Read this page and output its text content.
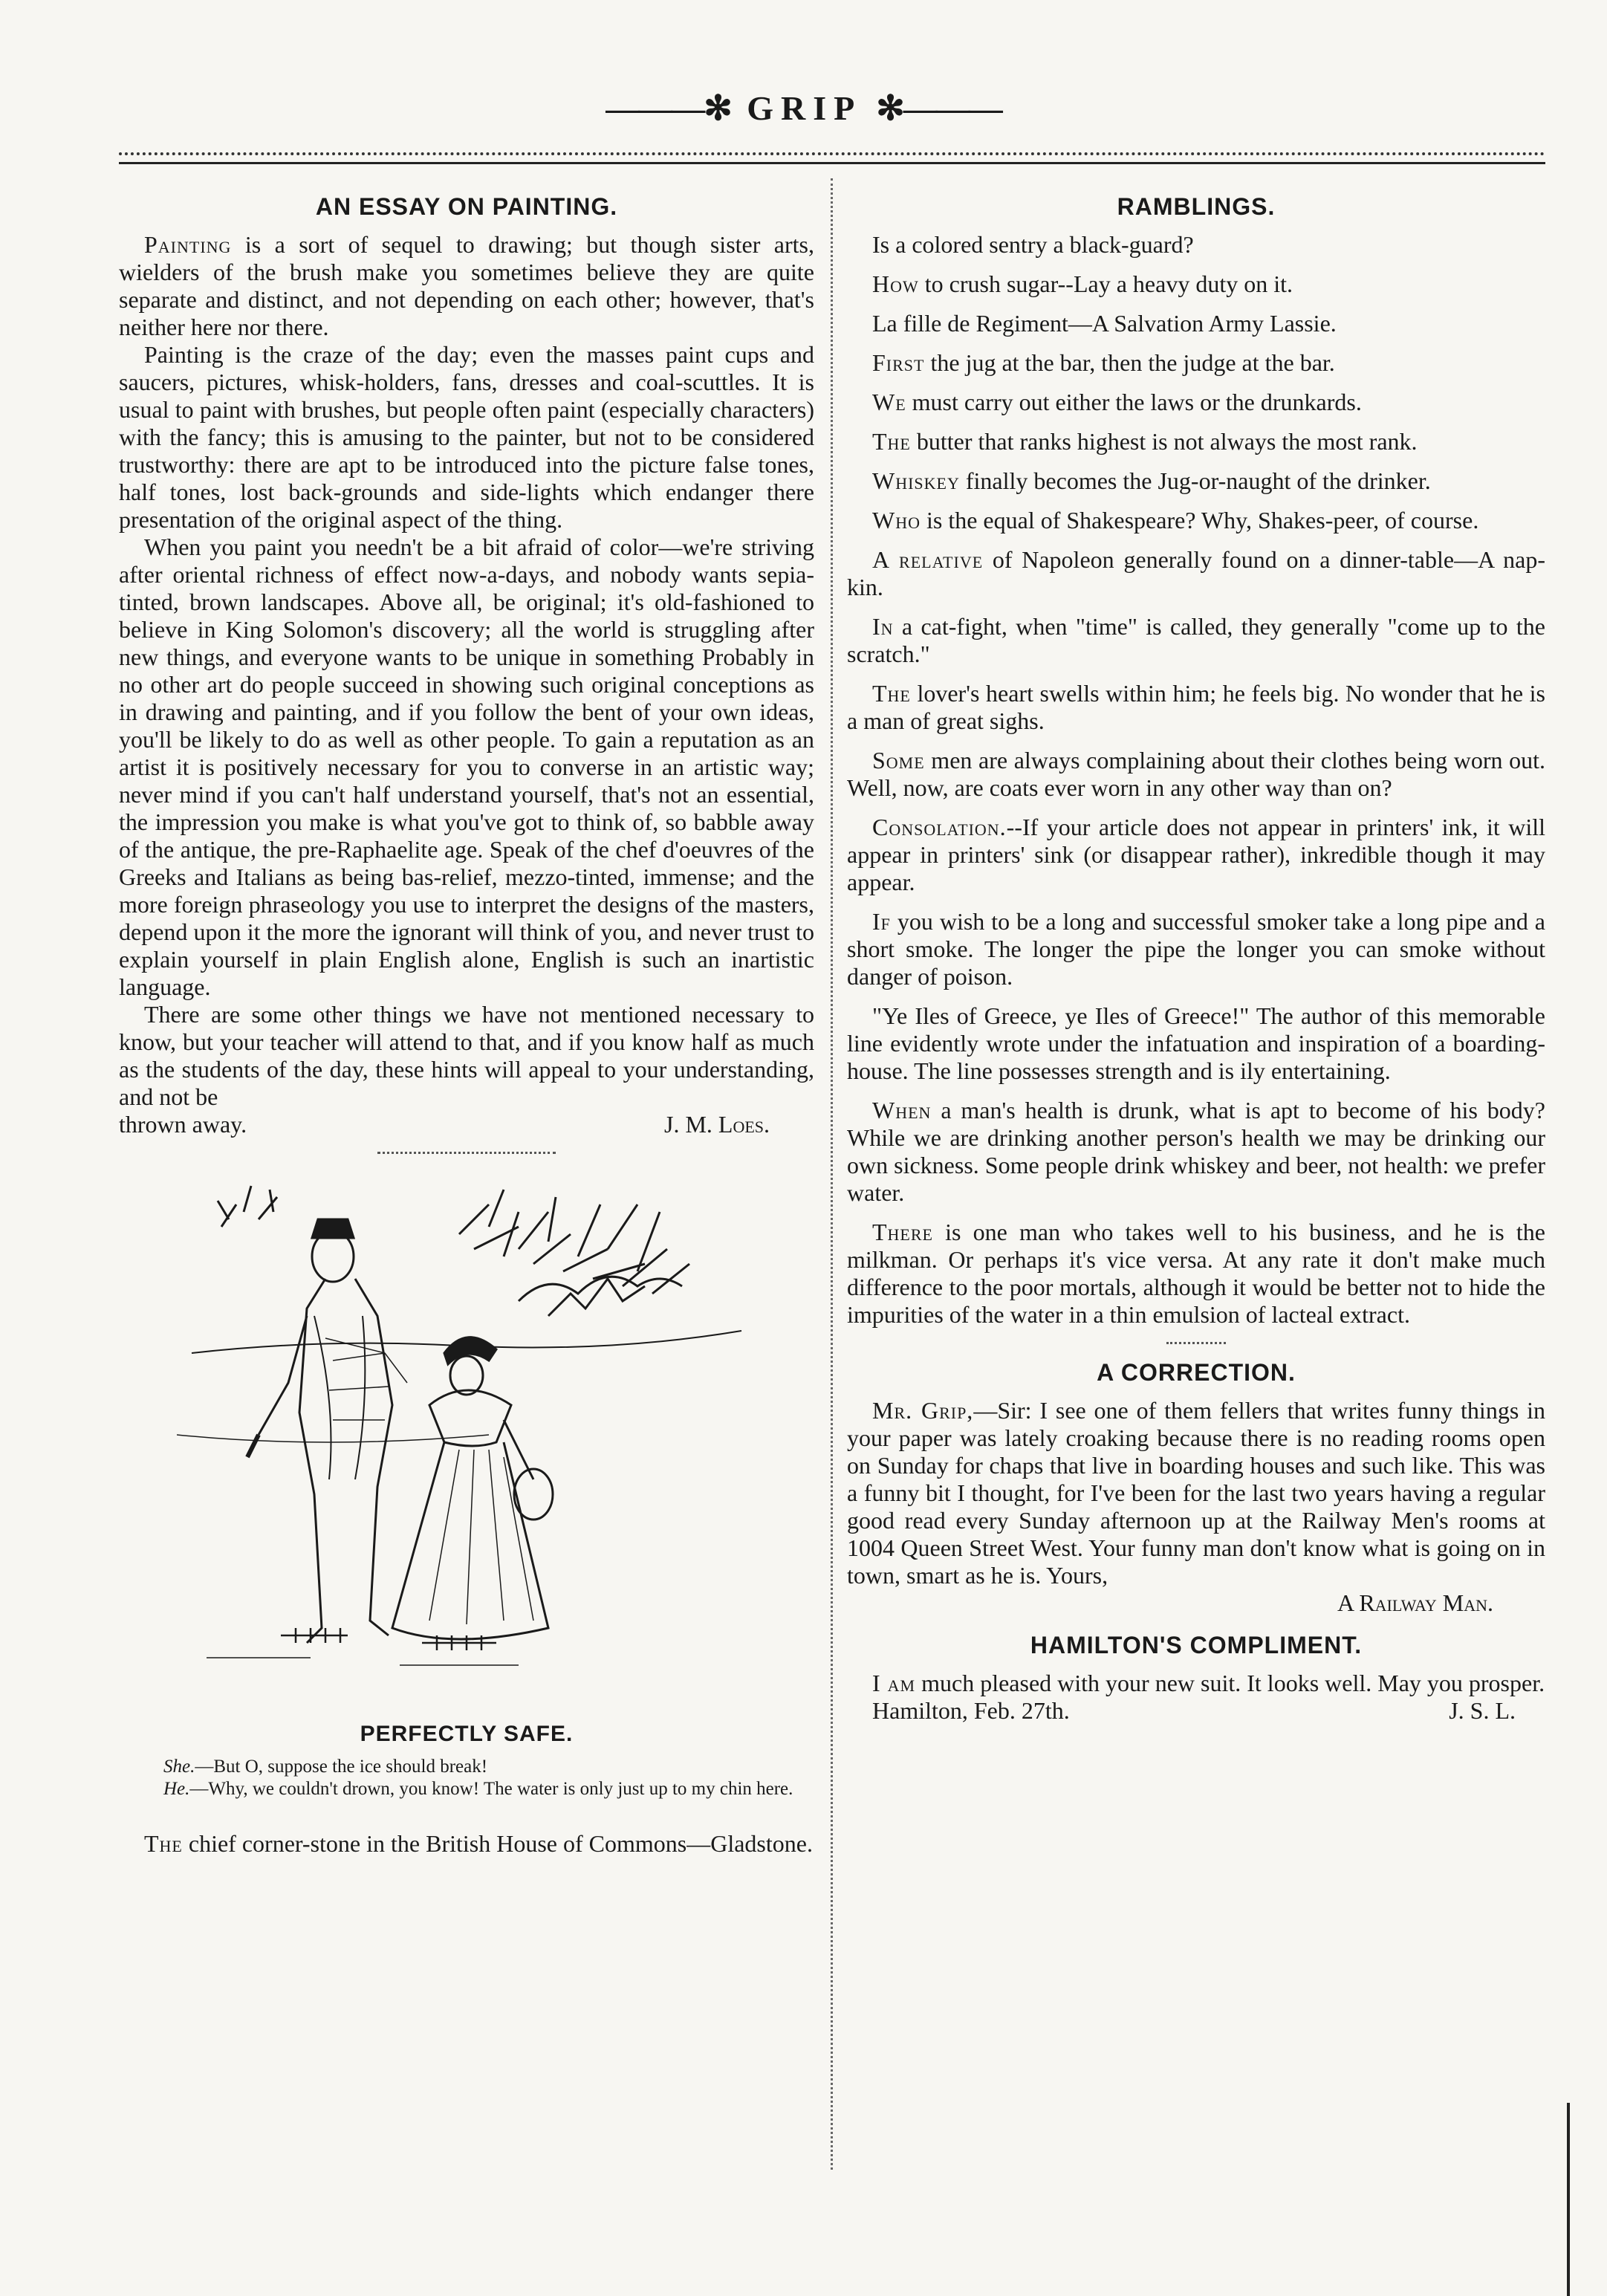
———✻ GRIP ✻———
AN ESSAY ON PAINTING.

Painting is a sort of sequel to drawing; but though sister arts, wielders of the brush make you sometimes believe they are quite separate and distinct, and not depending on each other; however, that's neither here nor there.

Painting is the craze of the day; even the masses paint cups and saucers, pictures, whisk-holders, fans, dresses and coal-scuttles. It is usual to paint with brushes, but people often paint (especially characters) with the fancy; this is amusing to the painter, but not to be considered trustworthy: there are apt to be introduced into the picture false tones, half tones, lost back-grounds and side-lights which endanger there presentation of the original aspect of the thing.

When you paint you needn't be a bit afraid of color—we're striving after oriental richness of effect now-a-days, and nobody wants sepia-tinted, brown landscapes. Above all, be original; it's old-fashioned to believe in King Solomon's discovery; all the world is struggling after new things, and everyone wants to be unique in something Probably in no other art do people succeed in showing such original conceptions as in drawing and painting, and if you follow the bent of your own ideas, you'll be likely to do as well as other people. To gain a reputation as an artist it is positively necessary for you to converse in an artistic way; never mind if you can't half understand yourself, that's not an essential, the impression you make is what you've got to think of, so babble away of the antique, the pre-Raphaelite age. Speak of the chef d'oeuvres of the Greeks and Italians as being bas-relief, mezzo-tinted, immense; and the more foreign phraseology you use to interpret the designs of the masters, depend upon it the more the ignorant will think of you, and never trust to explain yourself in plain English alone, English is such an inartistic language.

There are some other things we have not mentioned necessary to know, but your teacher will attend to that, and if you know half as much as the students of the day, these hints will appeal to your understanding, and not be

thrown away.	J. M. Loes.

PERFECTLY SAFE.

She.—But O, suppose the ice should break!

He.—Why, we couldn't drown, you know! The water is only just up to my chin here.

The chief corner-stone in the British House of Commons—Gladstone.

RAMBLINGS.

Is a colored sentry a black-guard?

How to crush sugar--Lay a heavy duty on it.

La fille de Regiment—A Salvation Army Lassie.

First the jug at the bar, then the judge at the bar.

We must carry out either the laws or the drunkards.

The butter that ranks highest is not always the most rank.

Whiskey finally becomes the Jug-or-naught of the drinker.

Who is the equal of Shakespeare? Why, Shakes-peer, of course.

A relative of Napoleon generally found on a dinner-table—A nap-kin.

In a cat-fight, when "time" is called, they generally "come up to the scratch."

The lover's heart swells within him; he feels big. No wonder that he is a man of great sighs.

Some men are always complaining about their clothes being worn out. Well, now, are coats ever worn in any other way than on?

Consolation.--If your article does not appear in printers' ink, it will appear in printers' sink (or disappear rather), inkredible though it may appear.

If you wish to be a long and successful smoker take a long pipe and a short smoke. The longer the pipe the longer you can smoke without danger of poison.

"Ye Iles of Greece, ye Iles of Greece!" The author of this memorable line evidently wrote under the infatuation and inspiration of a boarding-house. The line possesses strength and is ily entertaining.

When a man's health is drunk, what is apt to become of his body? While we are drinking another person's health we may be drinking our own sickness. Some people drink whiskey and beer, not health: we prefer water.

There is one man who takes well to his business, and he is the milkman. Or perhaps it's vice versa. At any rate it don't make much difference to the poor mortals, although it would be better not to hide the impurities of the water in a thin emulsion of lacteal extract.

A CORRECTION.

Mr. Grip,—Sir: I see one of them fellers that writes funny things in your paper was lately croaking because there is no reading rooms open on Sunday for chaps that live in boarding houses and such like. This was a funny bit I thought, for I've been for the last two years having a regular good read every Sunday afternoon up at the Railway Men's rooms at 1004 Queen Street West. Your funny man don't know what is going on in town, smart as he is. Yours,

A Railway Man.

HAMILTON'S COMPLIMENT.

I am much pleased with your new suit. It looks well. May you prosper.

Hamilton, Feb. 27th.	J. S. L.
